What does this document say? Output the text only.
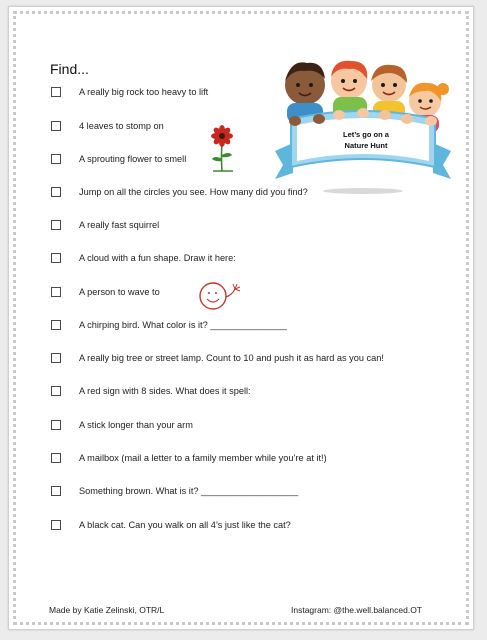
Find...
A really big rock too heavy to lift
4 leaves to stomp on
A sprouting flower to smell
Jump on all the circles you see. How many did you find?
A really fast squirrel
A cloud with a fun shape. Draw it here:
A person to wave to
A chirping bird. What color is it? _______________
A really big tree or street lamp. Count to 10 and push it as hard as you can!
A red sign with 8 sides. What does it spell:
A stick longer than your arm
A mailbox (mail a letter to a family member while you’re at it!)
Something brown. What is it? ___________________
A black cat. Can you walk on all 4’s just like the cat?
Let’s go on a Nature Hunt
Made by Katie Zelinski, OTR/L	Instagram: @the.well.balanced.OT
